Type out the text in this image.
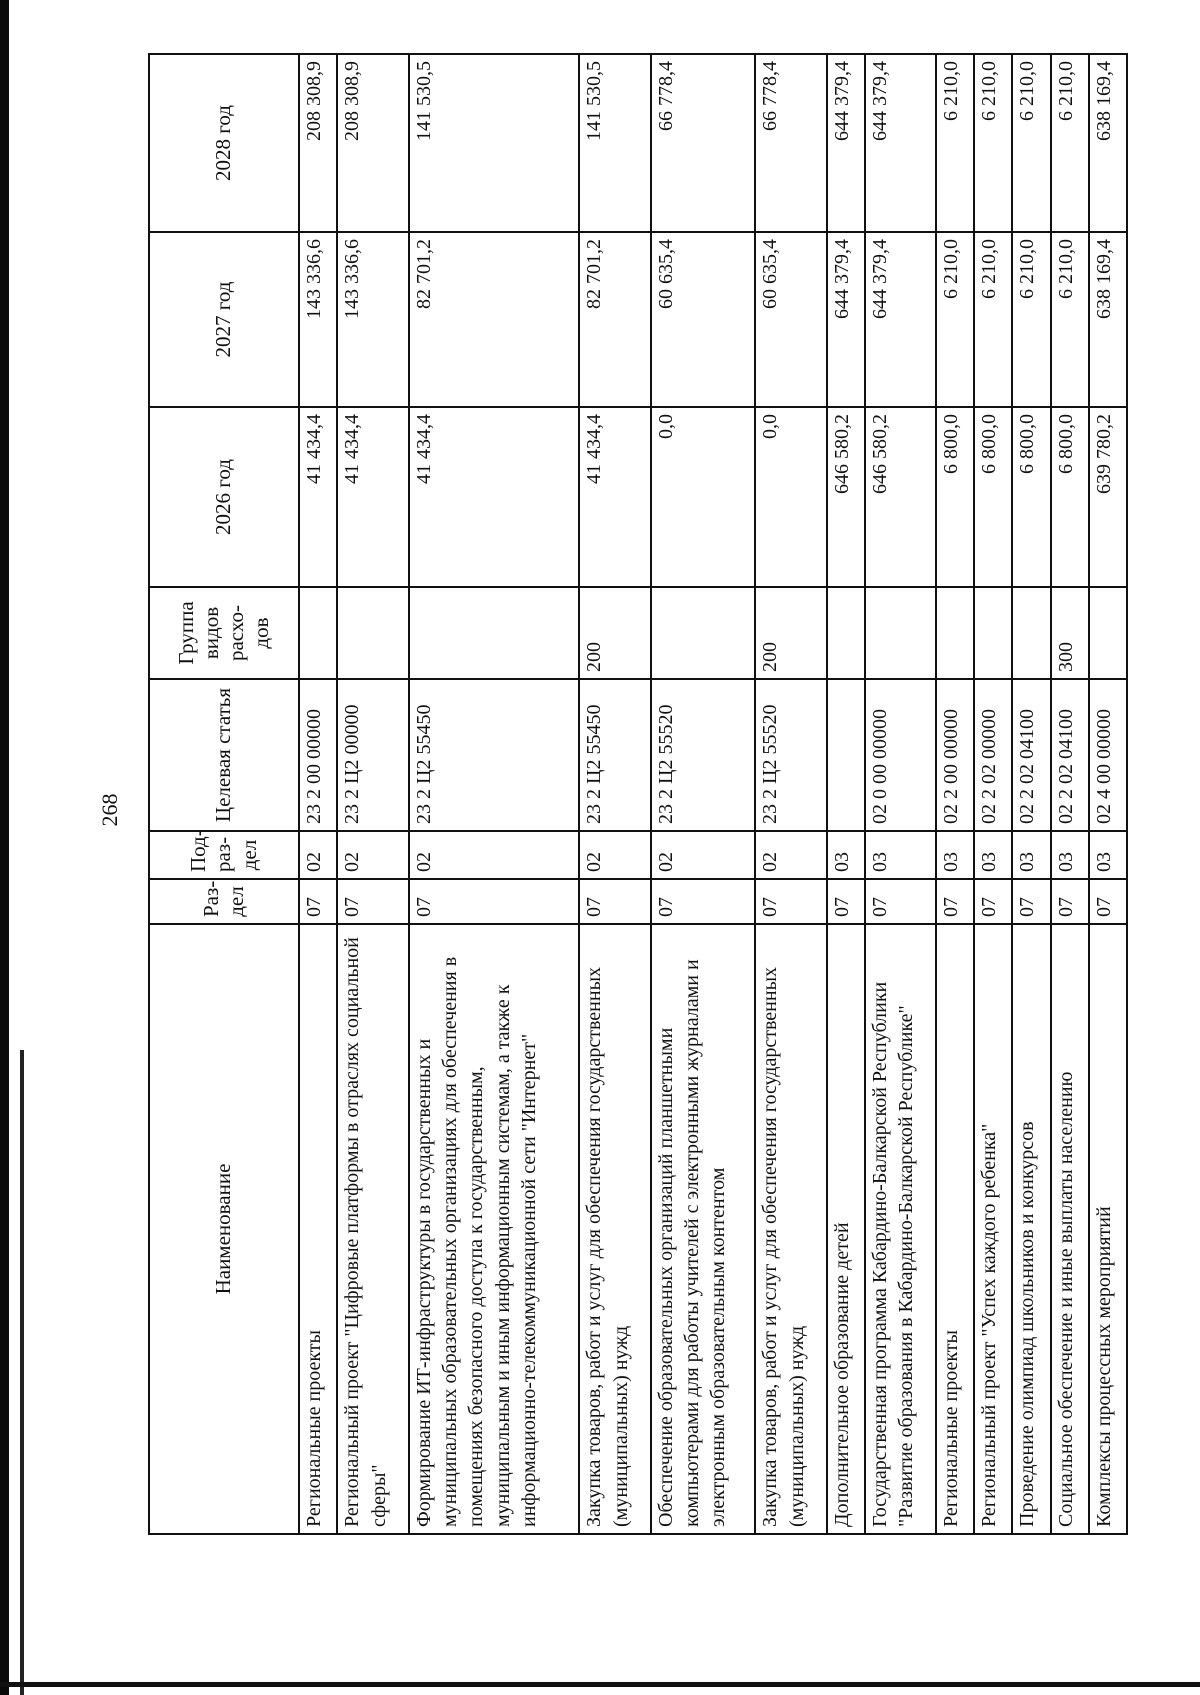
268
Наименование	Раз-дел	Под-раз-дел	Целевая статья	Группа видов расхо-дов	2026 год	2027 год	2028 год
Региональные проекты	07	02	23 2 00 00000		41 434,4	143 336,6	208 308,9
Региональный проект "Цифровые платформы в отраслях социальной сферы"	07	02	23 2 Ц2 00000		41 434,4	143 336,6	208 308,9
Формирование ИТ-инфраструктуры в государственных и муниципальных образовательных организациях для обеспечения в помещениях безопасного доступа к государственным, муниципальным и иным информационным системам, а также к информационно-телекоммуникационной сети "Интернет"	07	02	23 2 Ц2 55450		41 434,4	82 701,2	141 530,5
Закупка товаров, работ и услуг для обеспечения государственных (муниципальных) нужд	07	02	23 2 Ц2 55450	200	41 434,4	82 701,2	141 530,5
Обеспечение образовательных организаций планшетными компьютерами для работы учителей с электронными журналами и электронным образовательным контентом	07	02	23 2 Ц2 55520		0,0	60 635,4	66 778,4
Закупка товаров, работ и услуг для обеспечения государственных (муниципальных) нужд	07	02	23 2 Ц2 55520	200	0,0	60 635,4	66 778,4
Дополнительное образование детей	07	03			646 580,2	644 379,4	644 379,4
Государственная программа Кабардино-Балкарской Республики "Развитие образования в Кабардино-Балкарской Республике"	07	03	02 0 00 00000		646 580,2	644 379,4	644 379,4
Региональные проекты	07	03	02 2 00 00000		6 800,0	6 210,0	6 210,0
Региональный проект "Успех каждого ребенка"	07	03	02 2 02 00000		6 800,0	6 210,0	6 210,0
Проведение олимпиад школьников и конкурсов	07	03	02 2 02 04100		6 800,0	6 210,0	6 210,0
Социальное обеспечение и иные выплаты населению	07	03	02 2 02 04100	300	6 800,0	6 210,0	6 210,0
Комплексы процессных мероприятий	07	03	02 4 00 00000		639 780,2	638 169,4	638 169,4
